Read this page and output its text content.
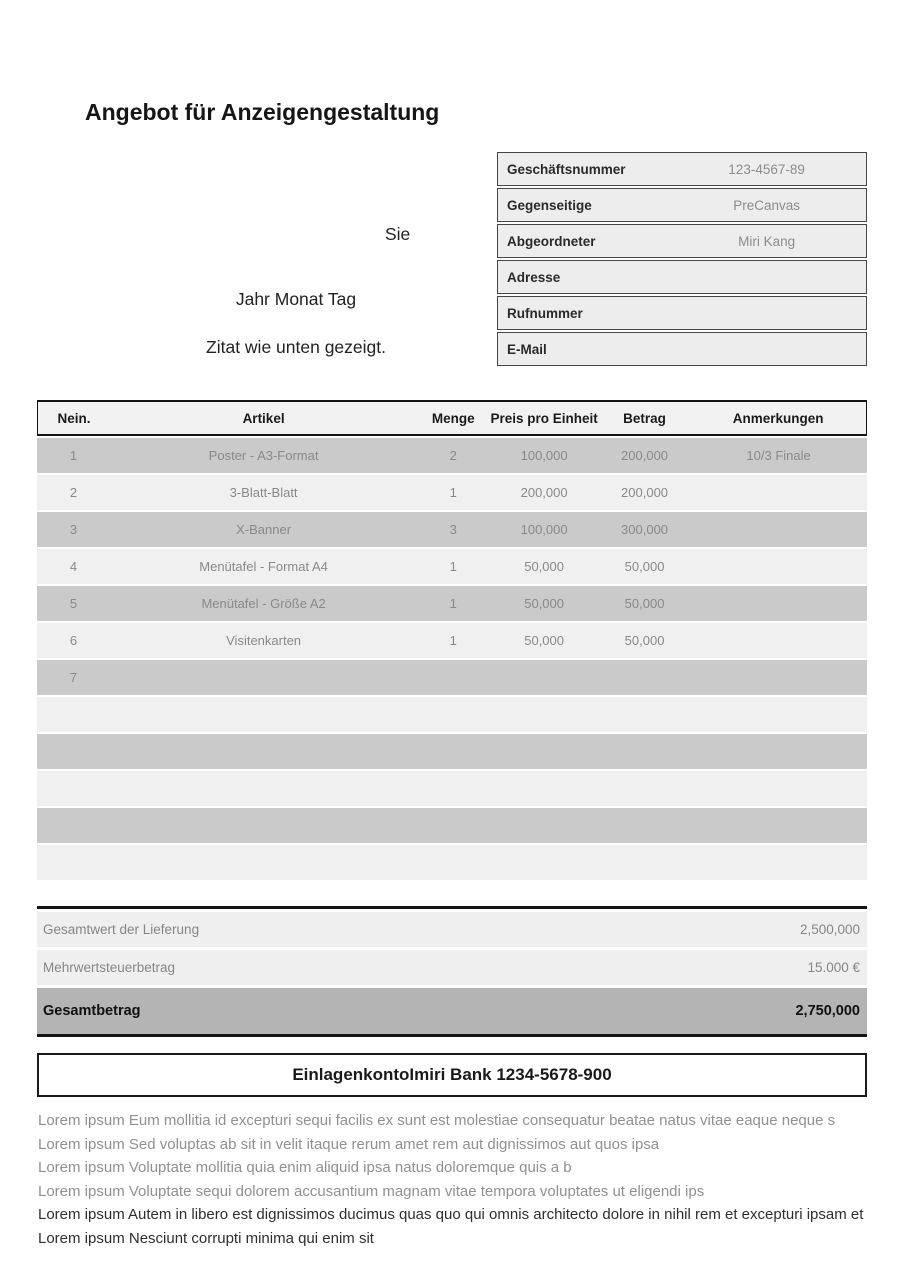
Angebot für Anzeigengestaltung
Sie
Jahr Monat Tag
Zitat wie unten gezeigt.
Geschäftsnummer	123-4567-89
Gegenseitige	PreCanvas
Abgeordneter	Miri Kang
Adresse	
Rufnummer	
E-Mail	
Nein.	Artikel	Menge	Preis pro Einheit	Betrag	Anmerkungen
1	Poster - A3-Format	2	100,000	200,000	10/3 Finale
2	3-Blatt-Blatt	1	200,000	200,000	
3	X-Banner	3	100,000	300,000	
4	Menütafel - Format A4	1	50,000	50,000	
5	Menütafel - Größe A2	1	50,000	50,000	
6	Visitenkarten	1	50,000	50,000	
7					

Gesamtwert der Lieferung	2,500,000
Mehrwertsteuerbetrag	15.000 €
Gesamtbetrag	2,750,000
EinlagenkontoImiri Bank 1234-5678-900
Lorem ipsum Eum mollitia id excepturi sequi facilis ex sunt est molestiae consequatur beatae natus vitae eaque neque s
Lorem ipsum Sed voluptas ab sit in velit itaque rerum amet rem aut dignissimos aut quos ipsa
Lorem ipsum Voluptate mollitia quia enim aliquid ipsa natus doloremque quis a b
Lorem ipsum Voluptate sequi dolorem accusantium magnam vitae tempora voluptates ut eligendi ips
Lorem ipsum Autem in libero est dignissimos ducimus quas quo qui omnis architecto dolore in nihil rem et excepturi ipsam et
Lorem ipsum Nesciunt corrupti minima qui enim sit
